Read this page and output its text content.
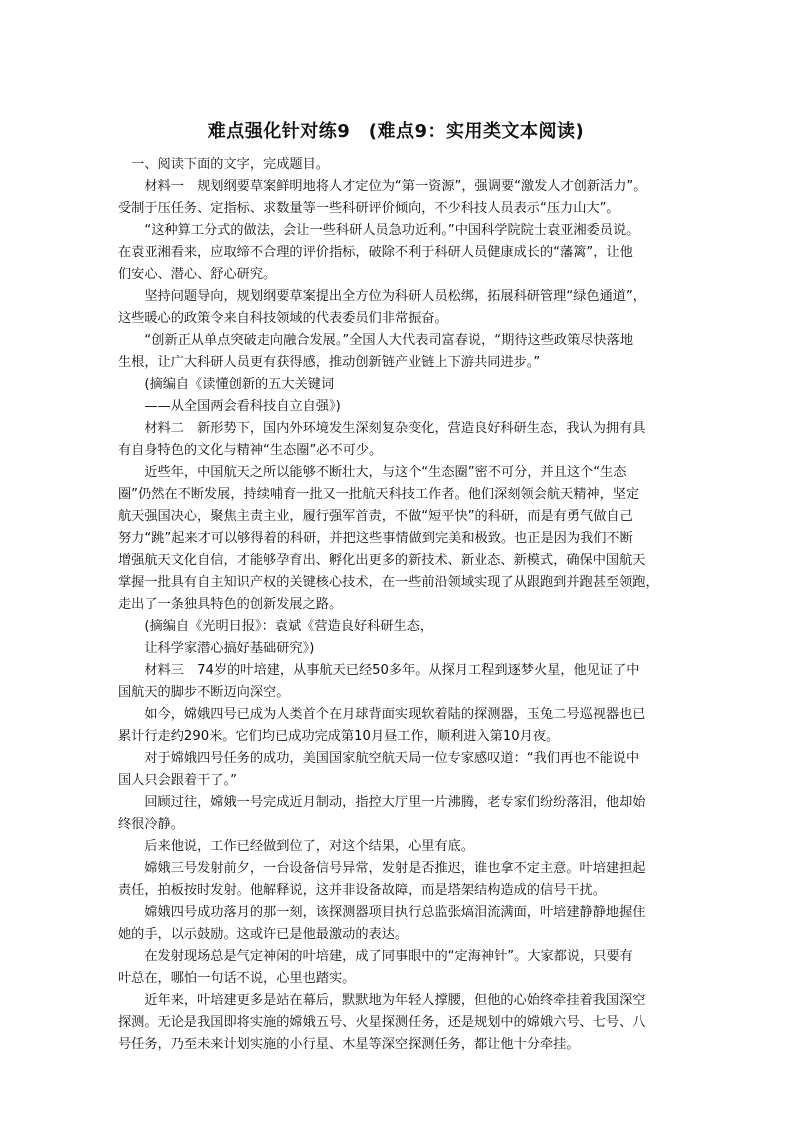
难点强化针对练9　(难点9：实用类文本阅读)

　一、阅读下面的文字，完成题目。

　　材料一　规划纲要草案鲜明地将人才定位为“第一资源”，强调要“激发人才创新活力”。

受制于压任务、定指标、求数量等一些科研评价倾向，不少科技人员表示“压力山大”。

　　“这种算工分式的做法，会让一些科研人员急功近利。”中国科学院院士袁亚湘委员说。

在袁亚湘看来，应取缔不合理的评价指标，破除不利于科研人员健康成长的“藩篱”，让他

们安心、潜心、舒心研究。

　　坚持问题导向，规划纲要草案提出全方位为科研人员松绑，拓展科研管理“绿色通道”，

这些暖心的政策令来自科技领域的代表委员们非常振奋。

　　“创新正从单点突破走向融合发展。”全国人大代表司富春说，“期待这些政策尽快落地

生根，让广大科研人员更有获得感，推动创新链产业链上下游共同进步。”

　　(摘编自《读懂创新的五大关键词

　　——从全国两会看科技自立自强》)

　　材料二　新形势下，国内外环境发生深刻复杂变化，营造良好科研生态，我认为拥有具

有自身特色的文化与精神“生态圈”必不可少。

　　近些年，中国航天之所以能够不断壮大，与这个“生态圈”密不可分，并且这个“生态

圈”仍然在不断发展，持续哺育一批又一批航天科技工作者。他们深刻领会航天精神，坚定

航天强国决心，聚焦主责主业，履行强军首责，不做“短平快”的科研，而是有勇气做自己

努力“跳”起来才可以够得着的科研，并把这些事情做到完美和极致。也正是因为我们不断

增强航天文化自信，才能够孕育出、孵化出更多的新技术、新业态、新模式，确保中国航天

掌握一批具有自主知识产权的关键核心技术，在一些前沿领域实现了从跟跑到并跑甚至领跑，

走出了一条独具特色的创新发展之路。

　　(摘编自《光明日报》：袁斌《营造良好科研生态，

　　让科学家潜心搞好基础研究》)

　　材料三　74岁的叶培建，从事航天已经50多年。从探月工程到逐梦火星，他见证了中

国航天的脚步不断迈向深空。

　　如今，嫦娥四号已成为人类首个在月球背面实现软着陆的探测器，玉兔二号巡视器也已

累计行走约290米。它们均已成功完成第10月昼工作，顺利进入第10月夜。

　　对于嫦娥四号任务的成功，美国国家航空航天局一位专家感叹道：“我们再也不能说中

国人只会跟着干了。”

　　回顾过往，嫦娥一号完成近月制动，指控大厅里一片沸腾，老专家们纷纷落泪，他却始

终很冷静。

　　后来他说，工作已经做到位了，对这个结果，心里有底。

　　嫦娥三号发射前夕，一台设备信号异常，发射是否推迟，谁也拿不定主意。叶培建担起

责任，拍板按时发射。他解释说，这并非设备故障，而是塔架结构造成的信号干扰。

　　嫦娥四号成功落月的那一刻，该探测器项目执行总监张熇泪流满面，叶培建静静地握住

她的手，以示鼓励。这或许已是他最激动的表达。

　　在发射现场总是气定神闲的叶培建，成了同事眼中的“定海神针”。大家都说，只要有

叶总在，哪怕一句话不说，心里也踏实。

　　近年来，叶培建更多是站在幕后，默默地为年轻人撑腰，但他的心始终牵挂着我国深空

探测。无论是我国即将实施的嫦娥五号、火星探测任务，还是规划中的嫦娥六号、七号、八

号任务，乃至未来计划实施的小行星、木星等深空探测任务，都让他十分牵挂。
